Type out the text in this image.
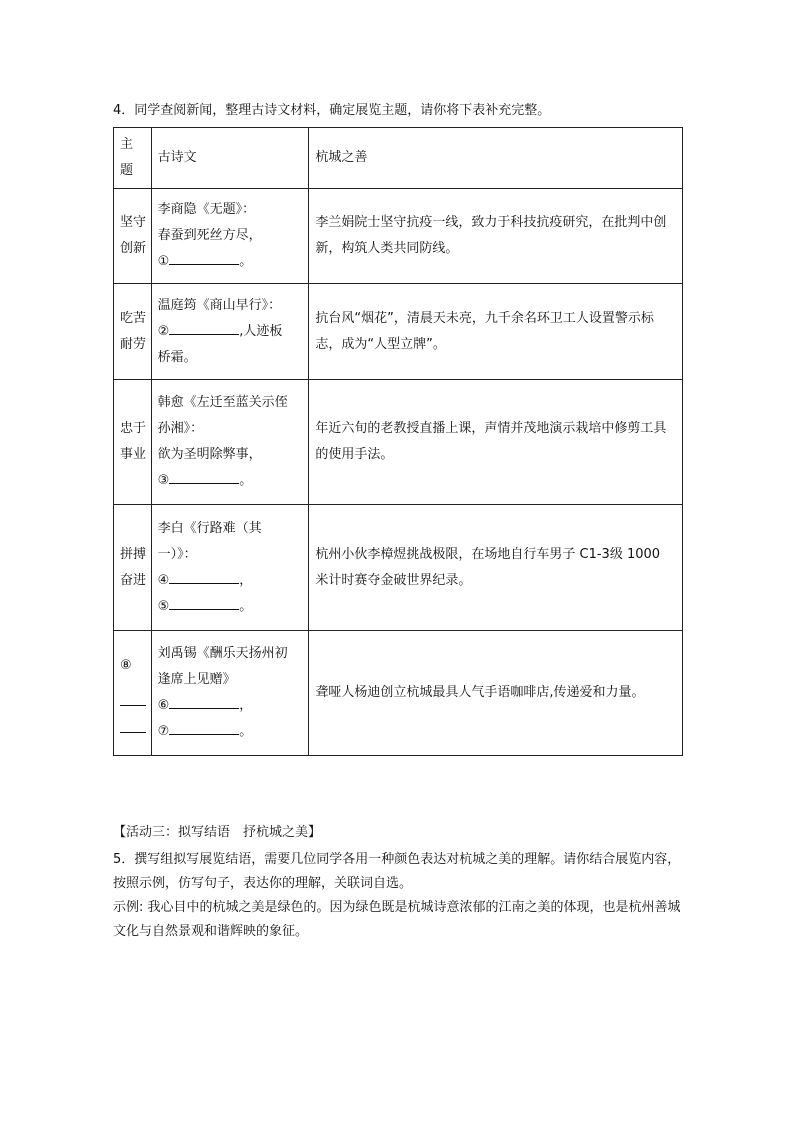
4．同学查阅新闻，整理古诗文材料，确定展览主题，请你将下表补充完整。
主题	古诗文	杭城之善

坚守
创新	李商隐《无题》：
春蚕到死丝方尽，
① 。	李兰娟院士坚守抗疫一线，致力于科技抗疫研究，在批判中创新，构筑人类共同防线。

吃苦
耐劳	温庭筠《商山早行》：
② ,人迹板
桥霜。	抗台风“烟花”，清晨天未亮，九千余名环卫工人设置警示标志，成为“人型立牌”。

忠于
事业	韩愈《左迁至蓝关示侄
孙湘》：
欲为圣明除弊事，
③ 。	年近六旬的老教授直播上课，声情并茂地演示栽培中修剪工具的使用手法。

拼搏
奋进	李白《行路难（其
一）》：
④ ，
⑤ 。	杭州小伙李樟煜挑战极限，在场地自行车男子 C1-3级 1000 米计时赛夺金破世界纪录。

⑧	刘禹锡《酬乐天扬州初
逢席上见赠》
⑥ ，
⑦ 。	聋哑人杨迪创立杭城最具人气手语咖啡店,传递爱和力量。
【活动三：拟写结语　抒杭城之美】

5．撰写组拟写展览结语，需要几位同学各用一种颜色表达对杭城之美的理解。请你结合展览内容，按照示例，仿写句子，表达你的理解，关联词自选。

示例: 我心目中的杭城之美是绿色的。因为绿色既是杭城诗意浓郁的江南之美的体现，也是杭州善城文化与自然景观和谐辉映的象征。
